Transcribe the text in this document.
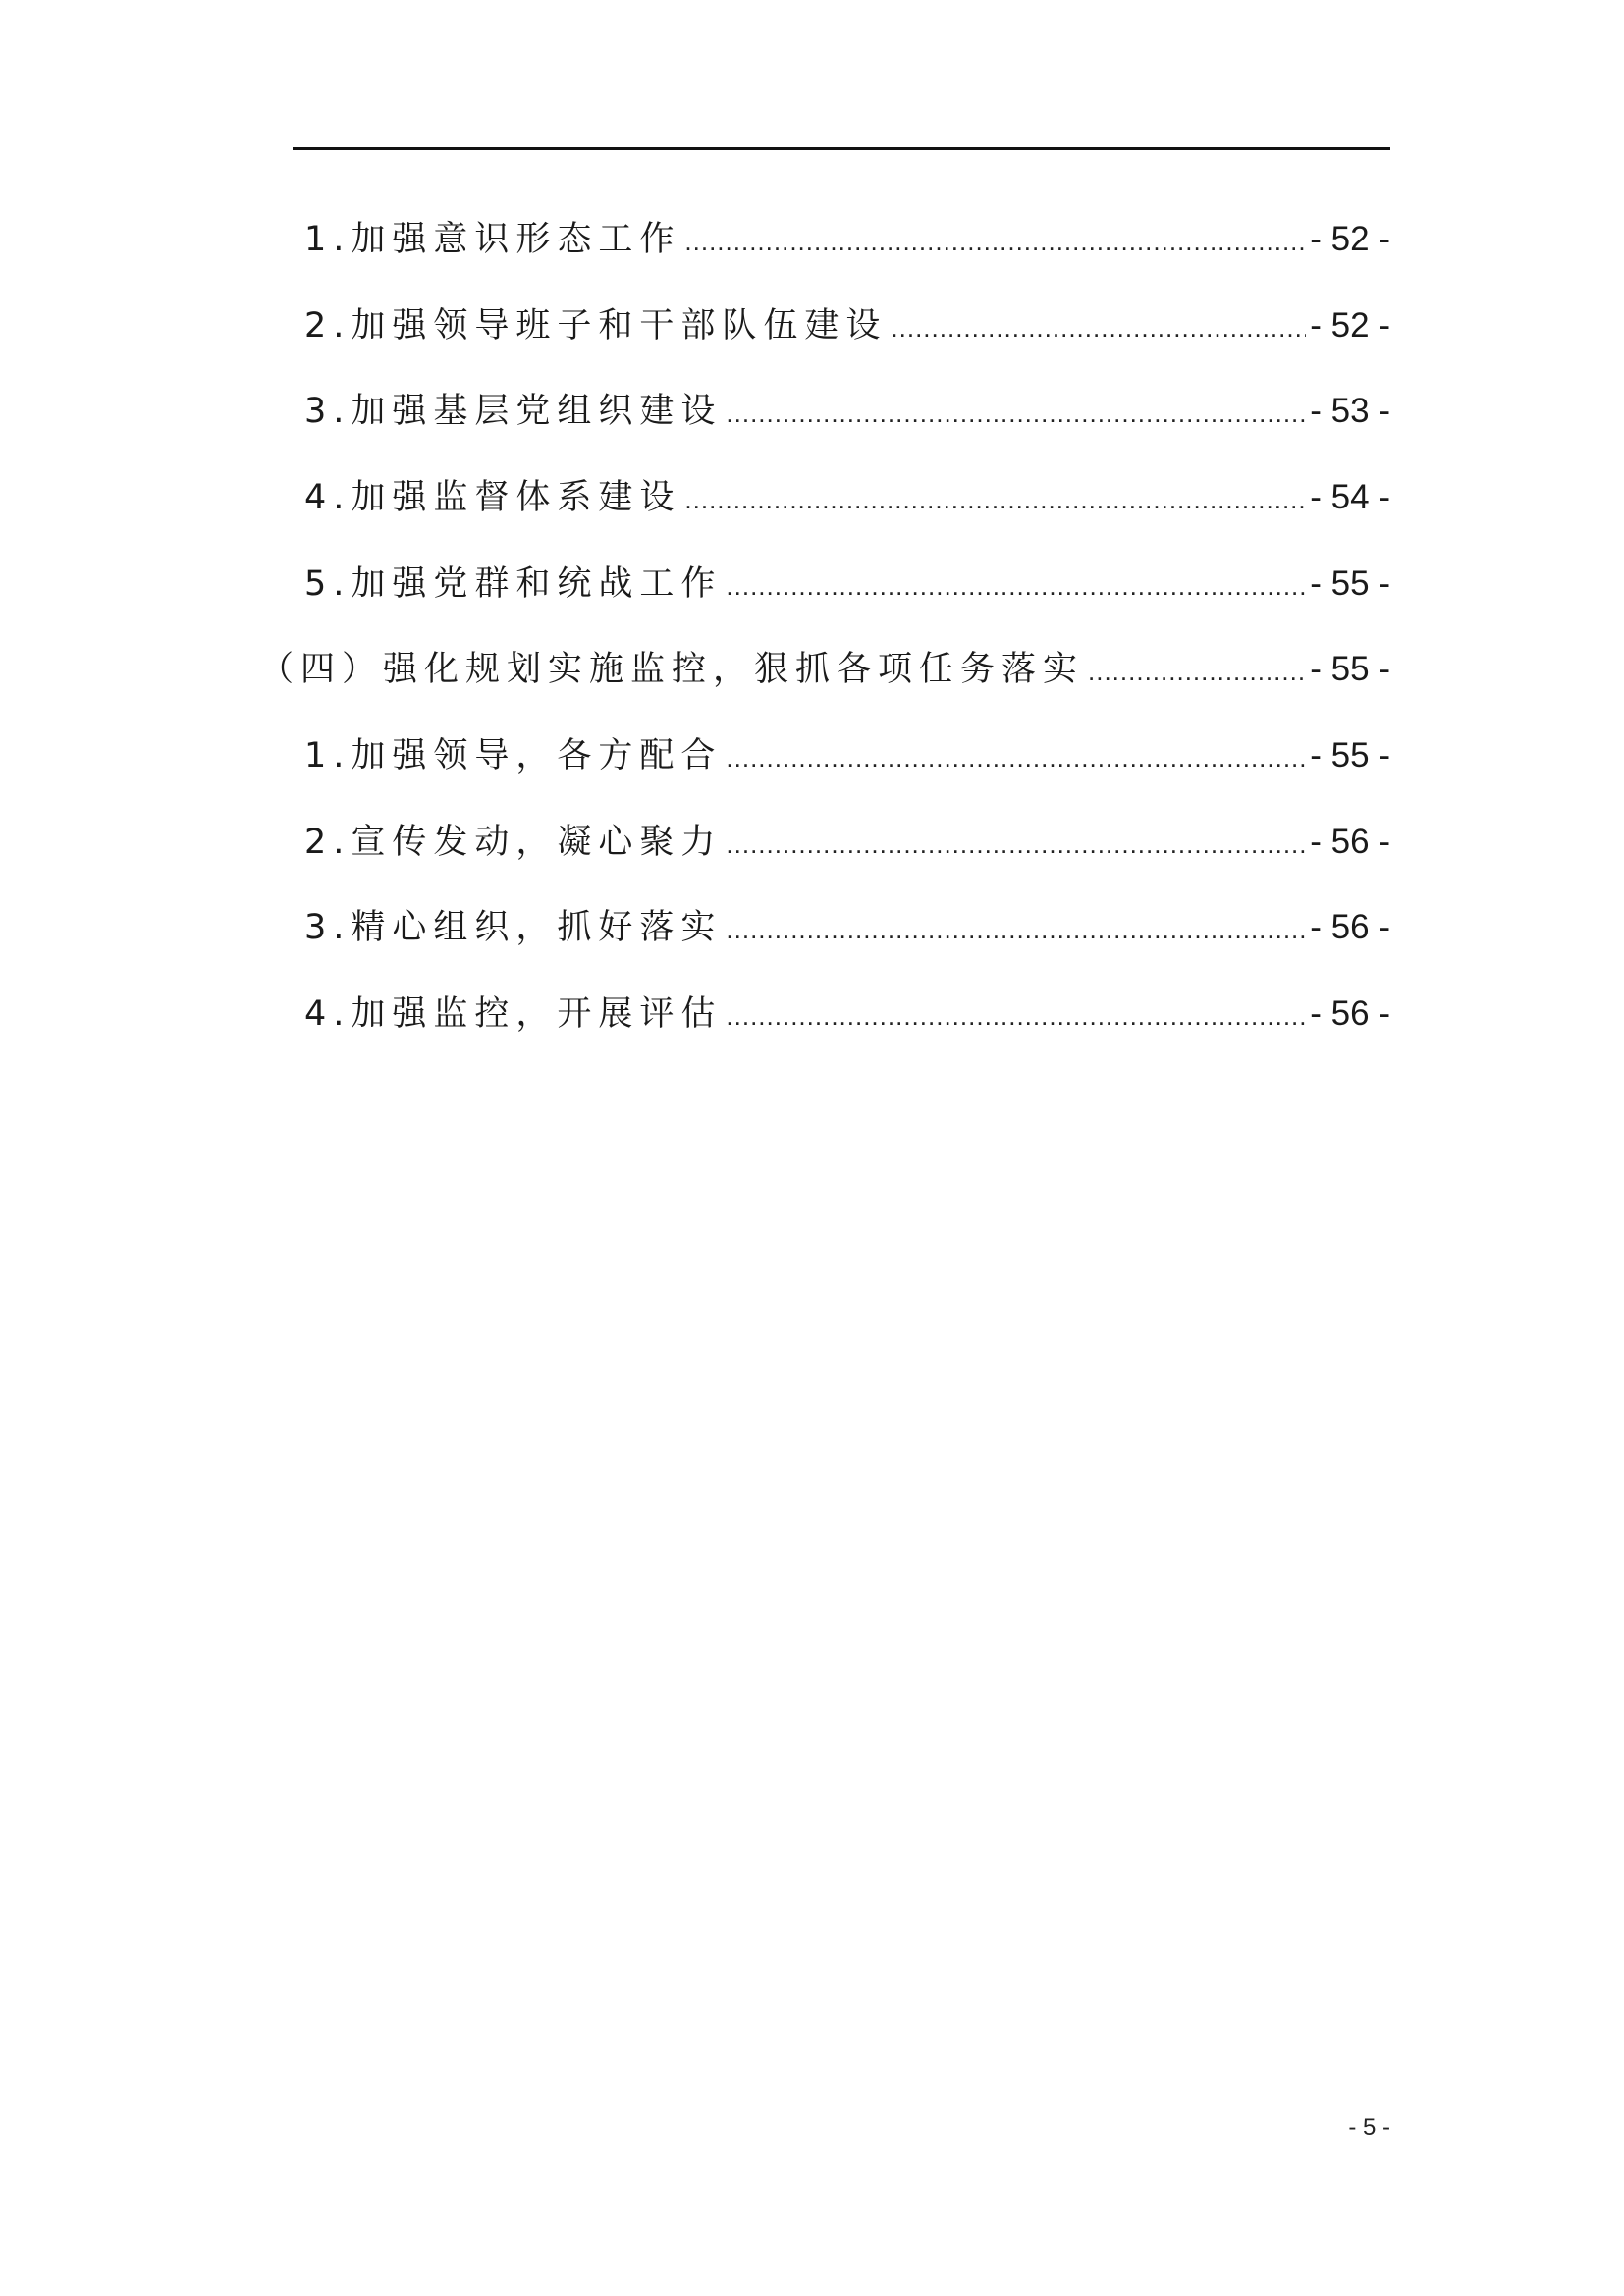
1.加强意识形态工作 .....	- 52 -
2.加强领导班子和干部队伍建设 .....	- 52 -
3.加强基层党组织建设 .....	- 53 -
4.加强监督体系建设 .....	- 54 -
5.加强党群和统战工作 .....	- 55 -
（四）强化规划实施监控，狠抓各项任务落实 .....	- 55 -
1.加强领导，各方配合 .....	- 55 -
2.宣传发动，凝心聚力 .....	- 56 -
3.精心组织，抓好落实 .....	- 56 -
4.加强监控，开展评估 .....	- 56 -
- 5 -
